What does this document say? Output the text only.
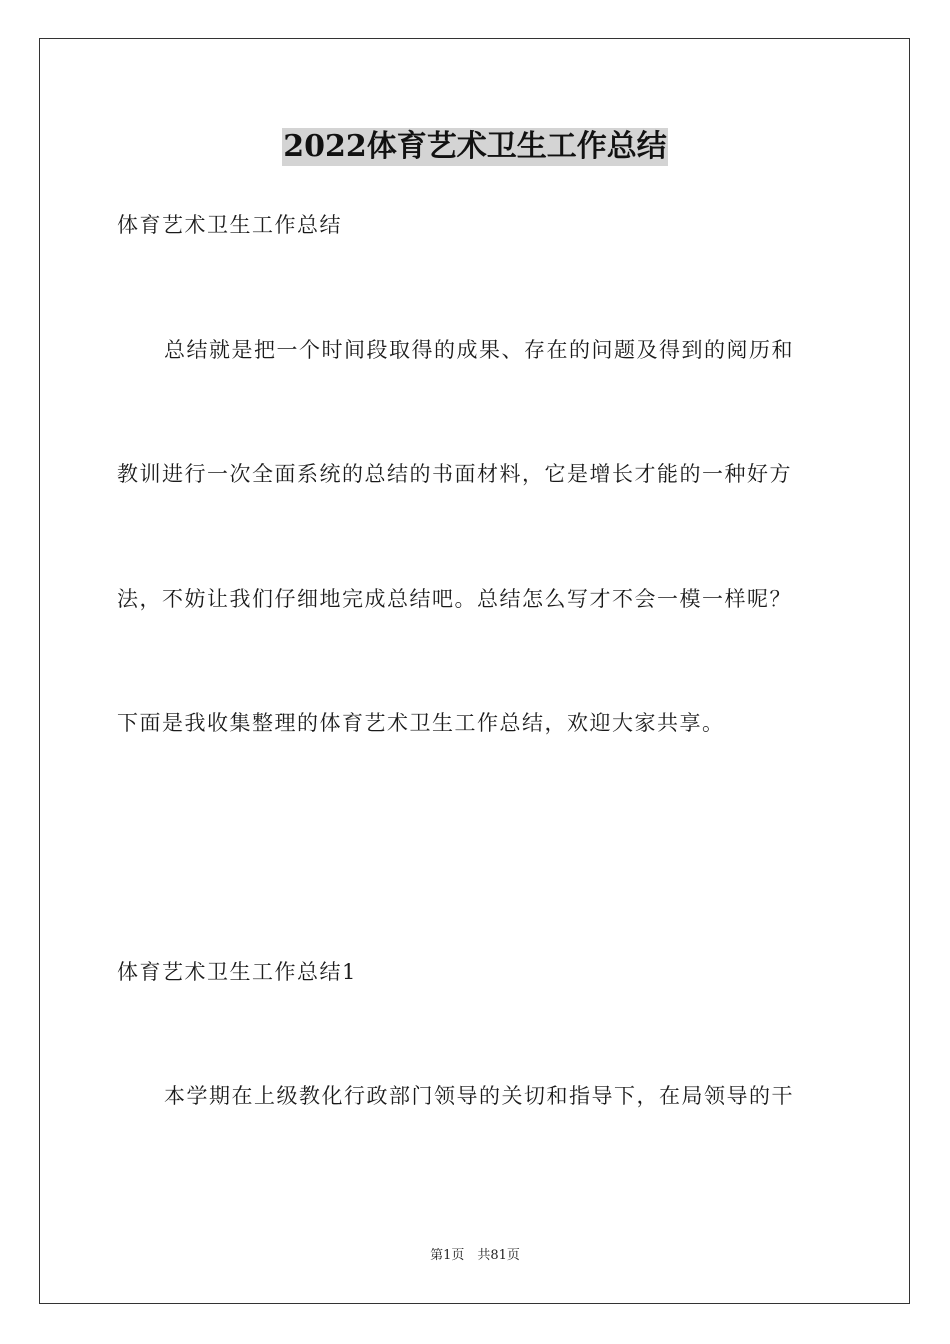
2022体育艺术卫生工作总结
体育艺术卫生工作总结
总结就是把一个时间段取得的成果、存在的问题及得到的阅历和
教训进行一次全面系统的总结的书面材料，它是增长才能的一种好方
法，不妨让我们仔细地完成总结吧。总结怎么写才不会一模一样呢？
下面是我收集整理的体育艺术卫生工作总结，欢迎大家共享。
体育艺术卫生工作总结1
本学期在上级教化行政部门领导的关切和指导下，在局领导的干
第1页　共81页
